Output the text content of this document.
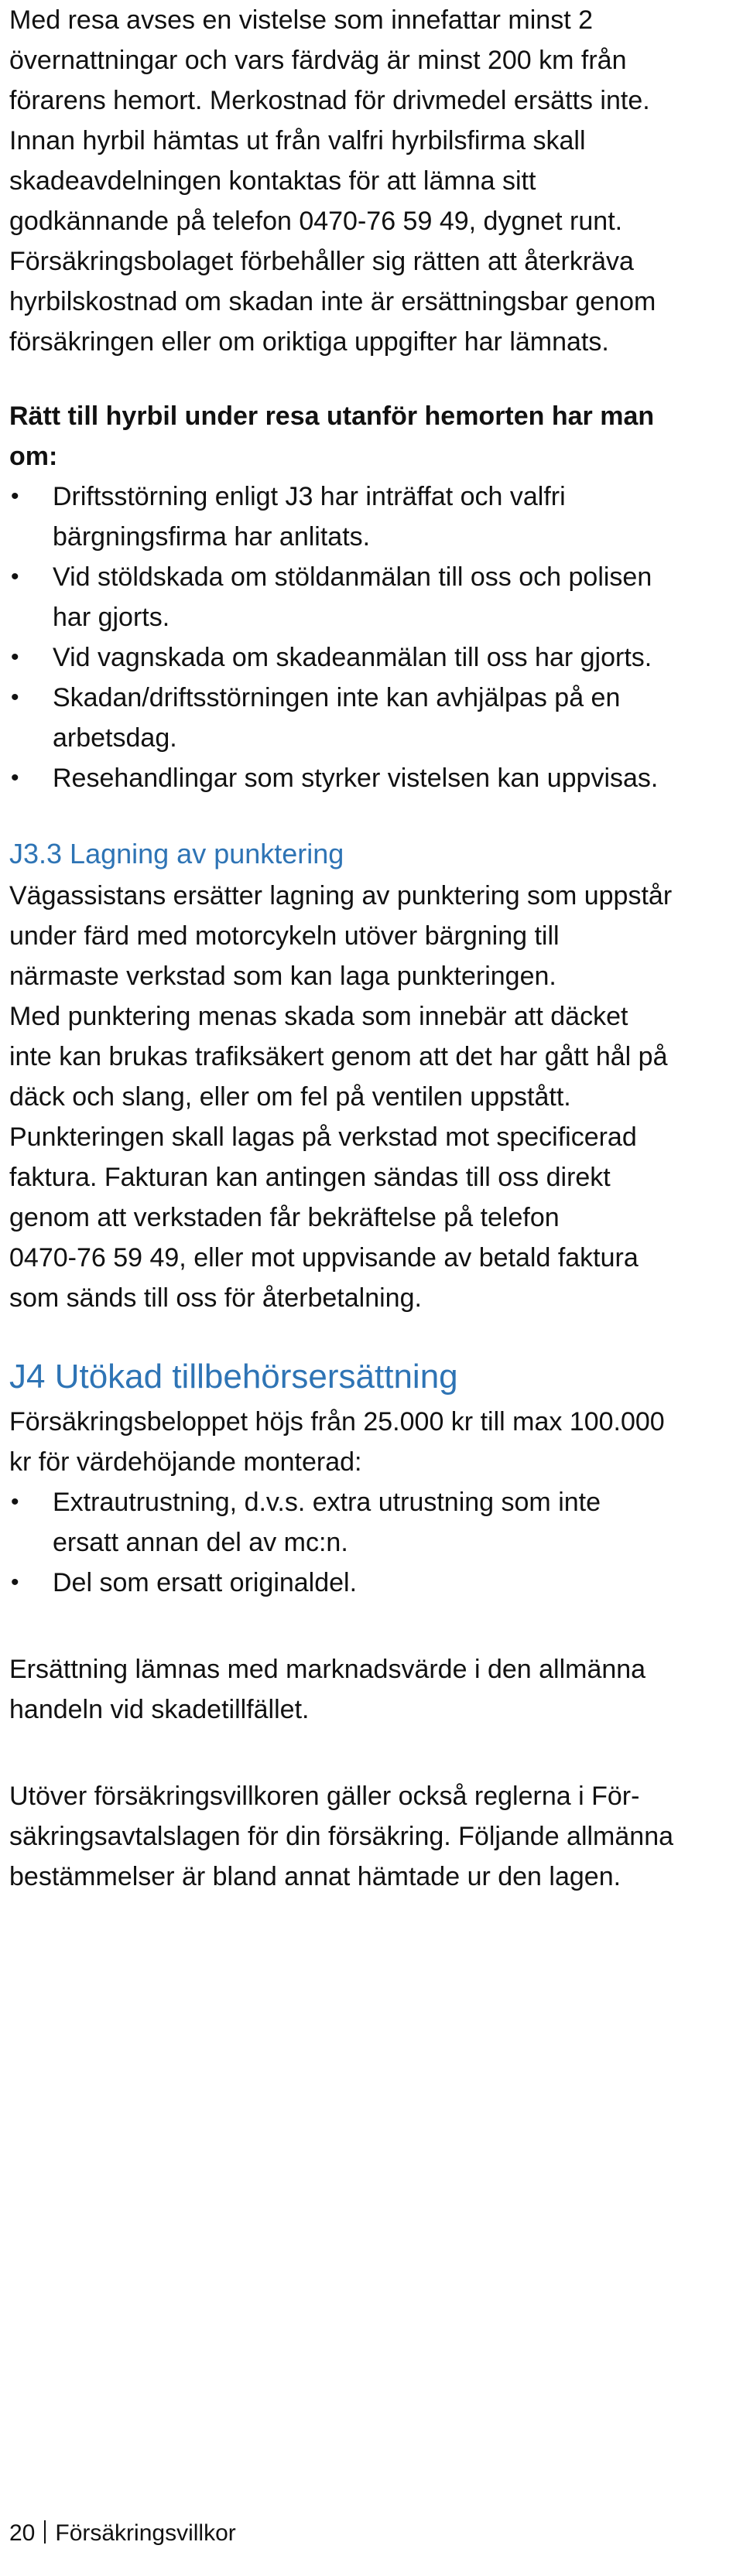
Med resa avses en vistelse som innefattar minst 2

övernattningar och vars färdväg är minst 200 km från

förarens hemort. Merkostnad för drivmedel ersätts inte.

Innan hyrbil hämtas ut från valfri hyrbilsfirma skall

skadeavdelningen kontaktas för att lämna sitt

godkännande på telefon 0470-76 59 49, dygnet runt.

Försäkringsbolaget förbehåller sig rätten att återkräva

hyrbilskostnad om skadan inte är ersättningsbar genom

försäkringen eller om oriktiga uppgifter har lämnats.

Rätt till hyrbil under resa utanför hemorten har man

om:

•	Driftsstörning enligt J3 har inträffat och valfri
bärgningsfirma har anlitats.
•	Vid stöldskada om stöldanmälan till oss och polisen
har gjorts.
•	Vid vagnskada om skadeanmälan till oss har gjorts.
•	Skadan/driftsstörningen inte kan avhjälpas på en
arbetsdag.
•	Resehandlingar som styrker vistelsen kan uppvisas.
J3.3 Lagning av punktering

Vägassistans ersätter lagning av punktering som uppstår

under färd med motorcykeln utöver bärgning till

närmaste verkstad som kan laga punkteringen.

Med punktering menas skada som innebär att däcket

inte kan brukas trafiksäkert genom att det har gått hål på

däck och slang, eller om fel på ventilen uppstått.

Punkteringen skall lagas på verkstad mot specificerad

faktura. Fakturan kan antingen sändas till oss direkt

genom att verkstaden får bekräftelse på telefon

0470-76 59 49, eller mot uppvisande av betald faktura

som sänds till oss för återbetalning.

J4 Utökad tillbehörsersättning

Försäkringsbeloppet höjs från 25.000 kr till max 100.000

kr för värdehöjande monterad:

•	Extrautrustning, d.v.s. extra utrustning som inte
ersatt annan del av mc:n.
•	Del som ersatt originaldel.

Ersättning lämnas med marknadsvärde i den allmänna

handeln vid skadetillfället.

Utöver försäkringsvillkoren gäller också reglerna i För-

säkringsavtalslagen för din försäkring. Följande allmänna

bestämmelser är bland annat hämtade ur den lagen.

20 Försäkringsvillkor
